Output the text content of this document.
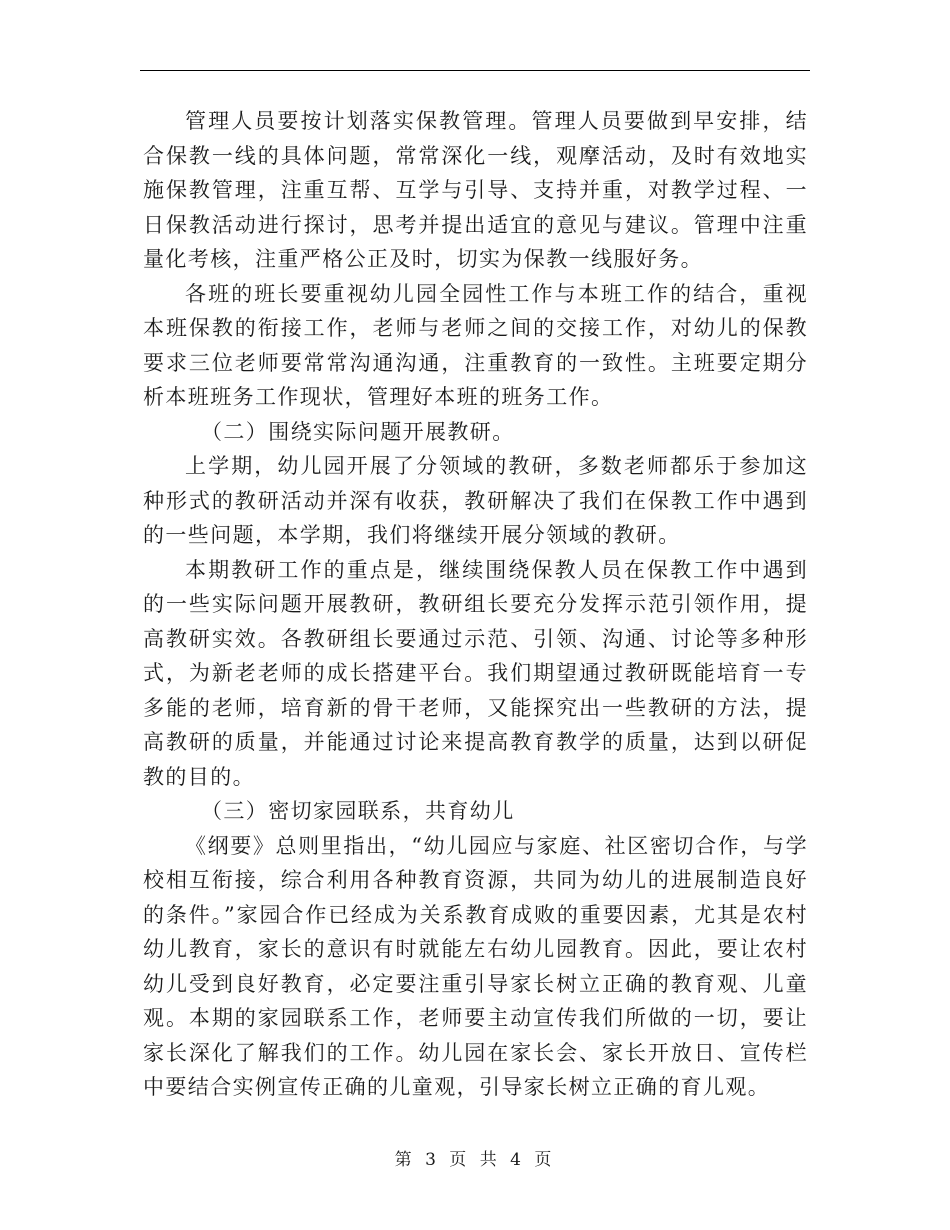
管理人员要按计划落实保教管理。管理人员要做到早安排，结合保教一线的具体问题，常常深化一线，观摩活动，及时有效地实施保教管理，注重互帮、互学与引导、支持并重，对教学过程、一日保教活动进行探讨，思考并提出适宜的意见与建议。管理中注重量化考核，注重严格公正及时，切实为保教一线服好务。

各班的班长要重视幼儿园全园性工作与本班工作的结合，重视本班保教的衔接工作，老师与老师之间的交接工作，对幼儿的保教要求三位老师要常常沟通沟通，注重教育的一致性。主班要定期分析本班班务工作现状，管理好本班的班务工作。

（二）围绕实际问题开展教研。

上学期，幼儿园开展了分领域的教研，多数老师都乐于参加这种形式的教研活动并深有收获，教研解决了我们在保教工作中遇到的一些问题，本学期，我们将继续开展分领域的教研。

本期教研工作的重点是，继续围绕保教人员在保教工作中遇到的一些实际问题开展教研，教研组长要充分发挥示范引领作用，提高教研实效。各教研组长要通过示范、引领、沟通、讨论等多种形式，为新老老师的成长搭建平台。我们期望通过教研既能培育一专多能的老师，培育新的骨干老师，又能探究出一些教研的方法，提高教研的质量，并能通过讨论来提高教育教学的质量，达到以研促教的目的。

（三）密切家园联系，共育幼儿

《纲要》总则里指出，“幼儿园应与家庭、社区密切合作，与学校相互衔接，综合利用各种教育资源，共同为幼儿的进展制造良好的条件。”家园合作已经成为关系教育成败的重要因素，尤其是农村幼儿教育，家长的意识有时就能左右幼儿园教育。因此，要让农村幼儿受到良好教育，必定要注重引导家长树立正确的教育观、儿童观。本期的家园联系工作，老师要主动宣传我们所做的一切，要让家长深化了解我们的工作。幼儿园在家长会、家长开放日、宣传栏中要结合实例宣传正确的儿童观，引导家长树立正确的育儿观。

第 3 页 共 4 页
